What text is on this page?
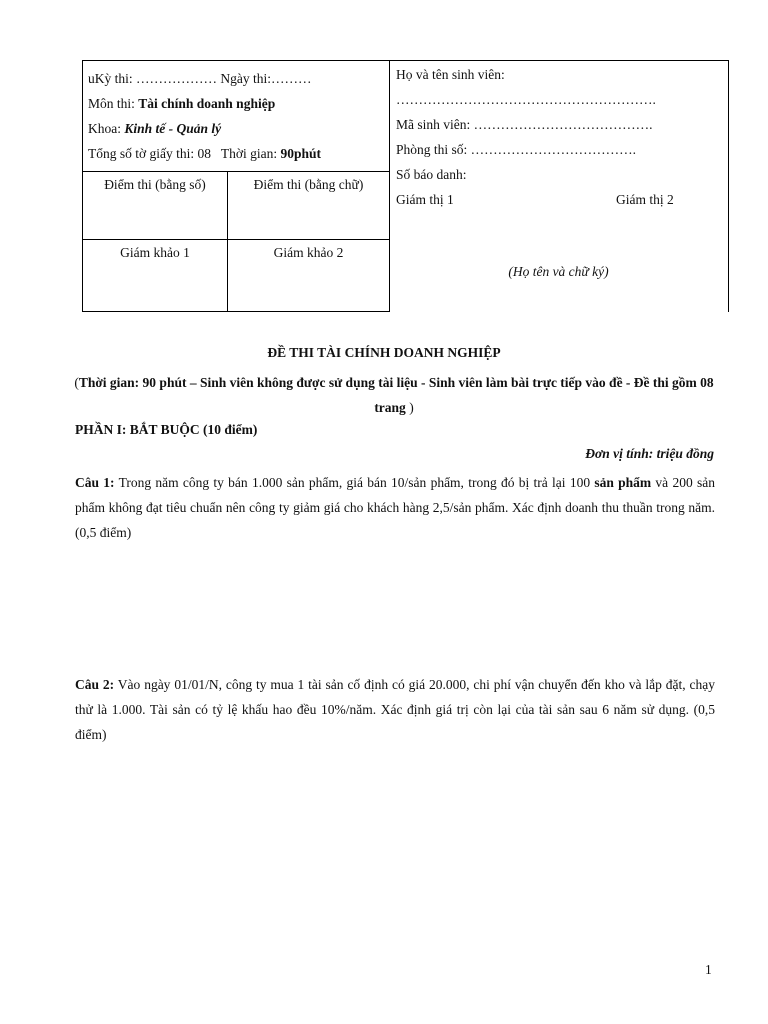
uKỳ thi: ……………… Ngày thi:………
Môn thi: Tài chính doanh nghiệp
Khoa: Kinh tế - Quản lý
Tổng số tờ giấy thi: 08   Thời gian: 90phút
Điểm thi (bằng số)	Điểm thi (bằng chữ)
Giám khảo 1	Giám khảo 2
Họ và tên sinh viên:
………………………………………………….
Mã sinh viên: ………………………………….
Phòng thi số: ……………………………….
Số báo danh:
Giám thị 1	Giám thị 2
(Họ tên và chữ ký)
ĐỀ THI TÀI CHÍNH DOANH NGHIỆP
(Thời gian: 90 phút – Sinh viên không được sử dụng tài liệu - Sinh viên làm bài trực tiếp vào đề - Đề thi gồm 08 trang )
PHẦN I: BẮT BUỘC (10 điểm)
Đơn vị tính: triệu đồng
Câu 1: Trong năm công ty bán 1.000 sản phẩm, giá bán 10/sản phẩm, trong đó bị trả lại 100 sản phẩm và 200 sản phẩm không đạt tiêu chuẩn nên công ty giảm giá cho khách hàng 2,5/sản phẩm. Xác định doanh thu thuần trong năm. (0,5 điểm)
Câu 2: Vào ngày 01/01/N, công ty mua 1 tài sản cố định có giá 20.000, chi phí vận chuyển đến kho và lắp đặt, chạy thử là 1.000. Tài sản có tỷ lệ khấu hao đều 10%/năm. Xác định giá trị còn lại của tài sản sau 6 năm sử dụng. (0,5 điểm)
1
